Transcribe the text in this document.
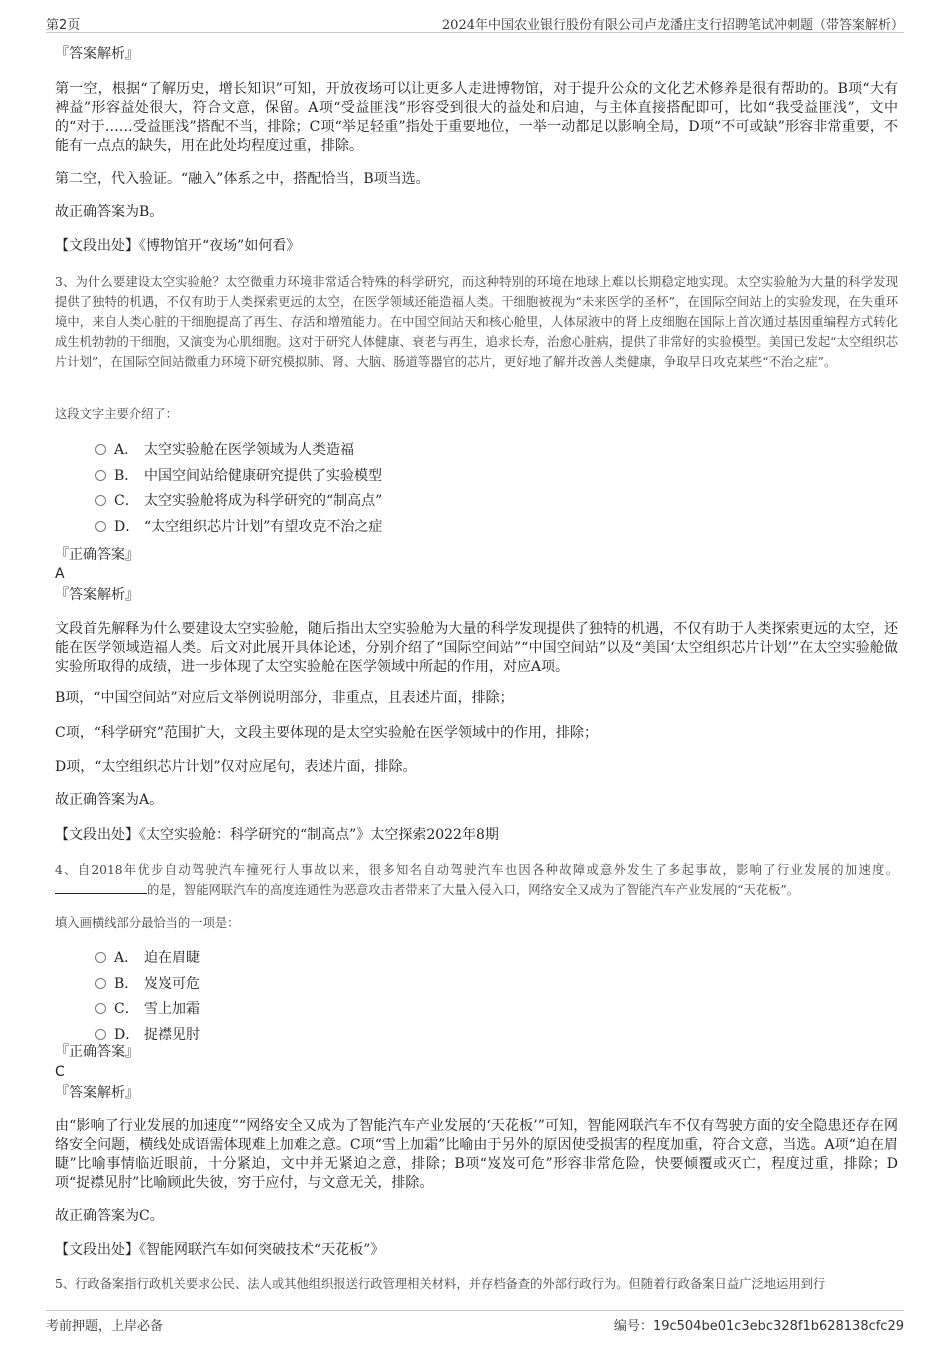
第2页	2024年中国农业银行股份有限公司卢龙潘庄支行招聘笔试冲刺题（带答案解析）

『答案解析』

第一空，根据“了解历史，增长知识”可知，开放夜场可以让更多人走进博物馆，对于提升公众的文化艺术修养是很有帮助的。B项“大有裨益”形容益处很大，符合文意，保留。A项“受益匪浅”形容受到很大的益处和启迪，与主体直接搭配即可，比如“我受益匪浅”，文中的“对于……受益匪浅”搭配不当，排除；C项“举足轻重”指处于重要地位，一举一动都足以影响全局，D项“不可或缺”形容非常重要，不能有一点点的缺失，用在此处均程度过重，排除。

第二空，代入验证。“融入”体系之中，搭配恰当，B项当选。

故正确答案为B。

【文段出处】《博物馆开“夜场”如何看》

3、为什么要建设太空实验舱？太空微重力环境非常适合特殊的科学研究，而这种特别的环境在地球上难以长期稳定地实现。太空实验舱为大量的科学发现提供了独特的机遇，不仅有助于人类探索更远的太空，在医学领域还能造福人类。干细胞被视为“未来医学的圣杯”，在国际空间站上的实验发现，在失重环境中，来自人类心脏的干细胞提高了再生、存活和增殖能力。在中国空间站天和核心舱里，人体尿液中的肾上皮细胞在国际上首次通过基因重编程方式转化成生机勃勃的干细胞，又演变为心肌细胞。这对于研究人体健康、衰老与再生，追求长寿，治愈心脏病，提供了非常好的实验模型。美国已发起“太空组织芯片计划”，在国际空间站微重力环境下研究模拟肺、肾、大脑、肠道等器官的芯片，更好地了解并改善人类健康，争取早日攻克某些“不治之症”。

这段文字主要介绍了：

A． 太空实验舱在医学领域为人类造福
B． 中国空间站给健康研究提供了实验模型
C． 太空实验舱将成为科学研究的“制高点”
D． “太空组织芯片计划”有望攻克不治之症

『正确答案』

A

『答案解析』

文段首先解释为什么要建设太空实验舱，随后指出太空实验舱为大量的科学发现提供了独特的机遇，不仅有助于人类探索更远的太空，还能在医学领域造福人类。后文对此展开具体论述，分别介绍了“国际空间站”“中国空间站”以及“美国‘太空组织芯片计划’”在太空实验舱做实验所取得的成绩，进一步体现了太空实验舱在医学领域中所起的作用，对应A项。

B项，“中国空间站”对应后文举例说明部分，非重点，且表述片面，排除；

C项，“科学研究”范围扩大，文段主要体现的是太空实验舱在医学领域中的作用，排除；

D项，“太空组织芯片计划”仅对应尾句，表述片面，排除。

故正确答案为A。

【文段出处】《太空实验舱：科学研究的“制高点”》太空探索2022年8期

4、自2018年优步自动驾驶汽车撞死行人事故以来，很多知名自动驾驶汽车也因各种故障或意外发生了多起事故，影响了行业发展的加速度。的是，智能网联汽车的高度连通性为恶意攻击者带来了大量入侵入口，网络安全又成为了智能汽车产业发展的“天花板”。

填入画横线部分最恰当的一项是：

A． 迫在眉睫
B． 岌岌可危
C． 雪上加霜
D． 捉襟见肘

『正确答案』

C

『答案解析』

由“影响了行业发展的加速度”“网络安全又成为了智能汽车产业发展的‘天花板’”可知，智能网联汽车不仅有驾驶方面的安全隐患还存在网络安全问题，横线处成语需体现难上加难之意。C项“雪上加霜”比喻由于另外的原因使受损害的程度加重，符合文意，当选。A项“迫在眉睫”比喻事情临近眼前，十分紧迫，文中并无紧迫之意，排除；B项“岌岌可危”形容非常危险，快要倾覆或灭亡，程度过重，排除；D项“捉襟见肘”比喻顾此失彼，穷于应付，与文意无关，排除。

故正确答案为C。

【文段出处】《智能网联汽车如何突破技术“天花板”》

5、行政备案指行政机关要求公民、法人或其他组织报送行政管理相关材料，并存档备查的外部行政行为。但随着行政备案日益广泛地运用到行

考前押题，上岸必备	编号：19c504be01c3ebc328f1b628138cfc29
